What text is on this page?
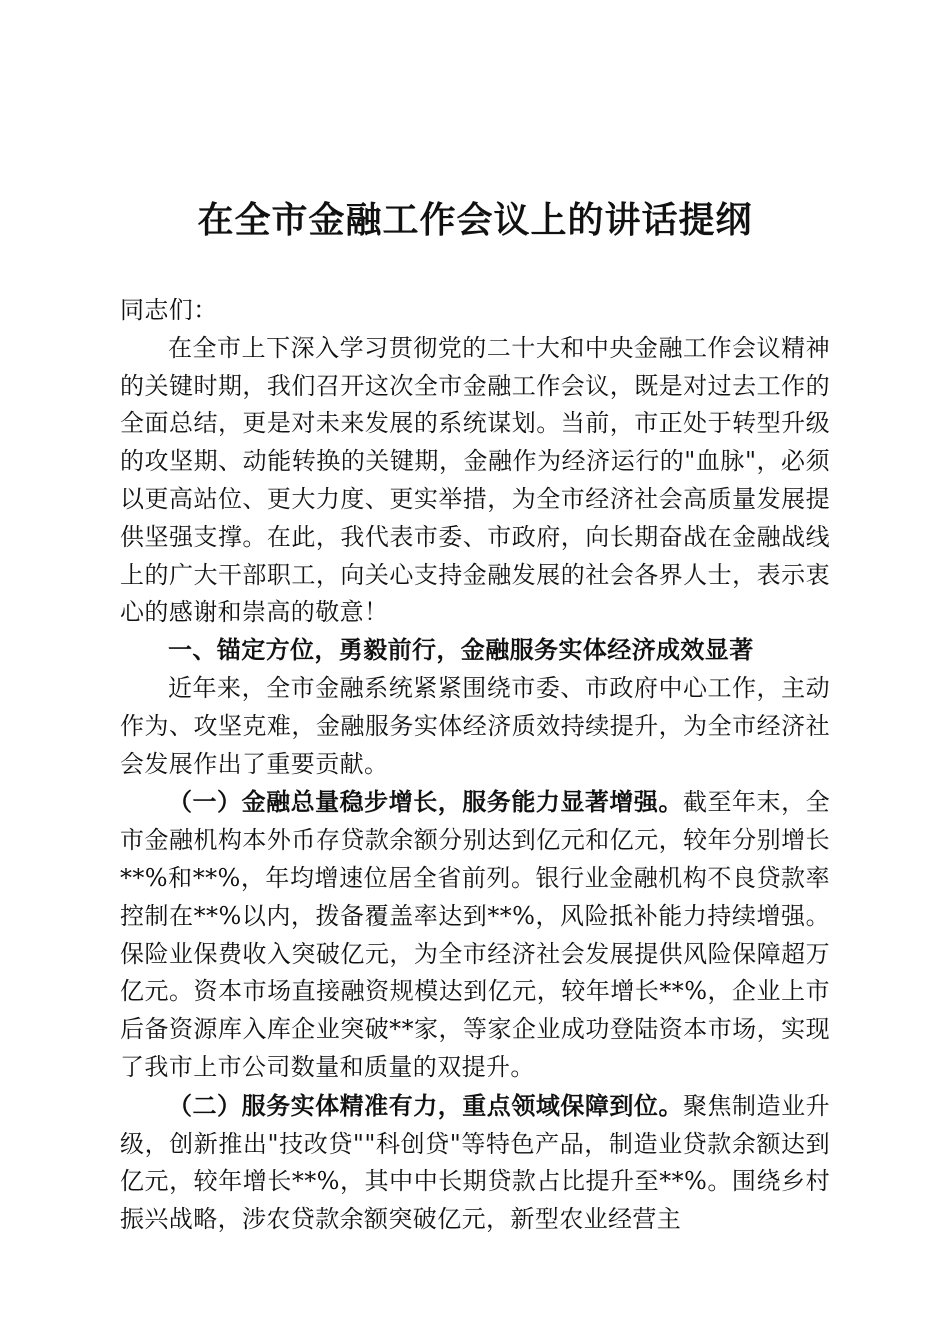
在全市金融工作会议上的讲话提纲

同志们：

在全市上下深入学习贯彻党的二十大和中央金融工作会议精神的关键时期，我们召开这次全市金融工作会议，既是对过去工作的全面总结，更是对未来发展的系统谋划。当前，市正处于转型升级的攻坚期、动能转换的关键期，金融作为经济运行的"血脉"，必须以更高站位、更大力度、更实举措，为全市经济社会高质量发展提供坚强支撑。在此，我代表市委、市政府，向长期奋战在金融战线上的广大干部职工，向关心支持金融发展的社会各界人士，表示衷心的感谢和崇高的敬意！

一、锚定方位，勇毅前行，金融服务实体经济成效显著

近年来，全市金融系统紧紧围绕市委、市政府中心工作，主动作为、攻坚克难，金融服务实体经济质效持续提升，为全市经济社会发展作出了重要贡献。

（一）金融总量稳步增长，服务能力显著增强。截至年末，全市金融机构本外币存贷款余额分别达到亿元和亿元，较年分别增长**%和**%，年均增速位居全省前列。银行业金融机构不良贷款率控制在**%以内，拨备覆盖率达到**%，风险抵补能力持续增强。保险业保费收入突破亿元，为全市经济社会发展提供风险保障超万亿元。资本市场直接融资规模达到亿元，较年增长**%，企业上市后备资源库入库企业突破**家，等家企业成功登陆资本市场，实现了我市上市公司数量和质量的双提升。

（二）服务实体精准有力，重点领域保障到位。聚焦制造业升级，创新推出"技改贷""科创贷"等特色产品，制造业贷款余额达到亿元，较年增长**%，其中中长期贷款占比提升至**%。围绕乡村振兴战略，涉农贷款余额突破亿元，新型农业经营主
